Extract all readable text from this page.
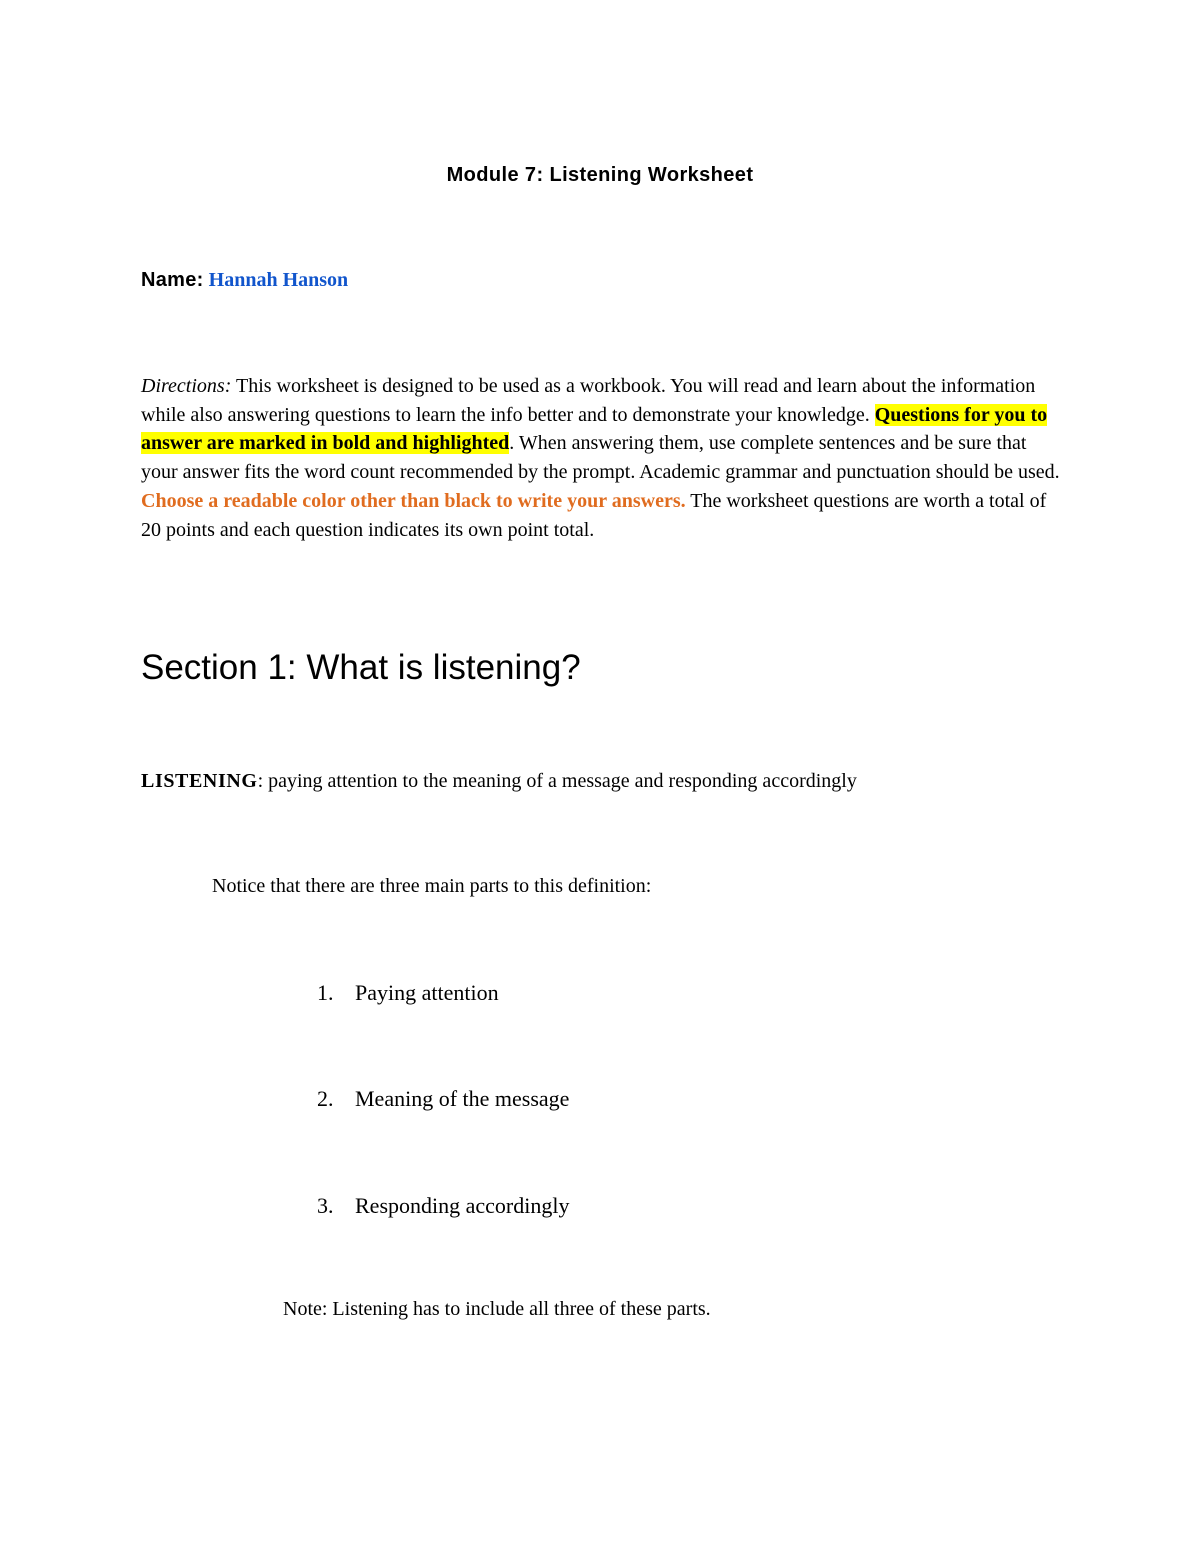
Module 7: Listening Worksheet
Name: Hannah Hanson
Directions: This worksheet is designed to be used as a workbook. You will read and learn about the information while also answering questions to learn the info better and to demonstrate your knowledge. Questions for you to answer are marked in bold and highlighted. When answering them, use complete sentences and be sure that your answer fits the word count recommended by the prompt. Academic grammar and punctuation should be used. Choose a readable color other than black to write your answers. The worksheet questions are worth a total of 20 points and each question indicates its own point total.
Section 1: What is listening?
LISTENING: paying attention to the meaning of a message and responding accordingly
Notice that there are three main parts to this definition:
1. Paying attention
2. Meaning of the message
3. Responding accordingly
Note: Listening has to include all three of these parts.
